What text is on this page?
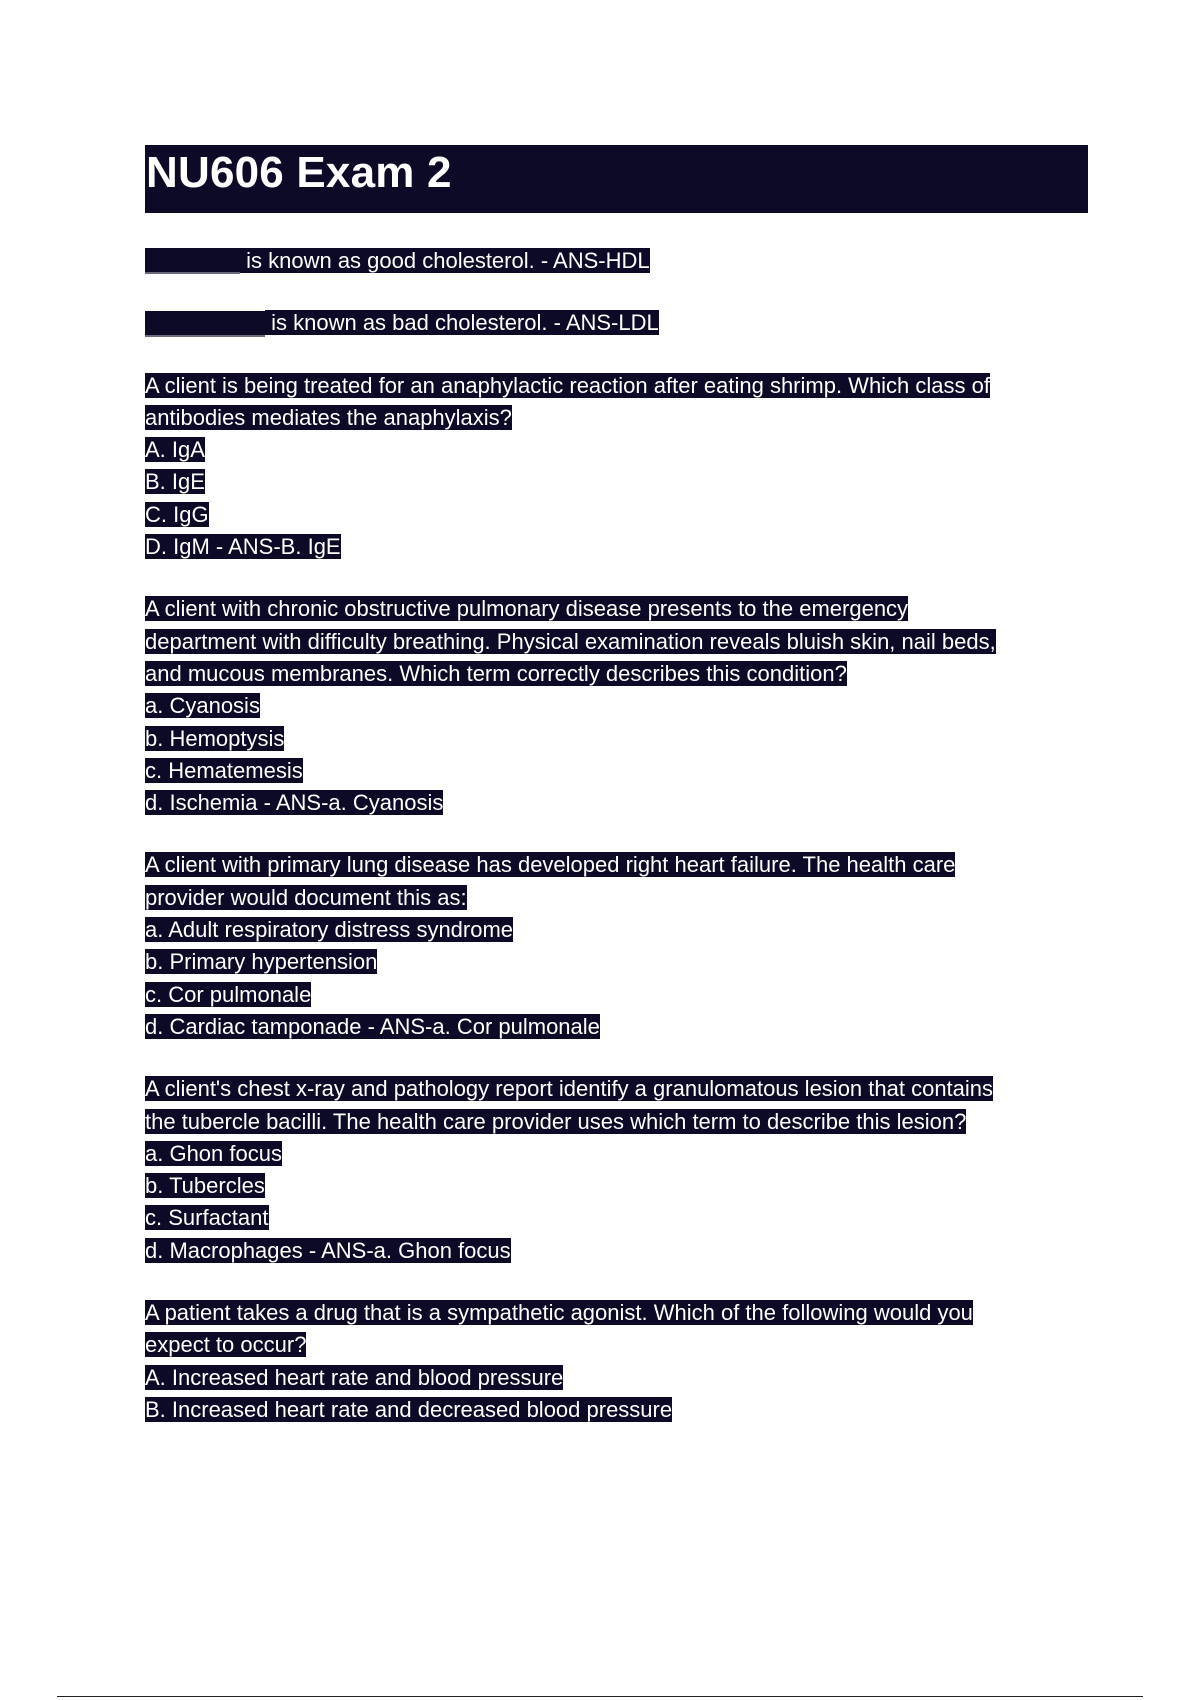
NU606 Exam 2
is known as good cholesterol. - ANS-HDL
is known as bad cholesterol. - ANS-LDL
A client is being treated for an anaphylactic reaction after eating shrimp. Which class of
antibodies mediates the anaphylaxis?
A. IgA
B. IgE
C. IgG
D. IgM - ANS-B. IgE
A client with chronic obstructive pulmonary disease presents to the emergency
department with difficulty breathing. Physical examination reveals bluish skin, nail beds,
and mucous membranes. Which term correctly describes this condition?
a. Cyanosis
b. Hemoptysis
c. Hematemesis
d. Ischemia - ANS-a. Cyanosis
A client with primary lung disease has developed right heart failure. The health care
provider would document this as:
a. Adult respiratory distress syndrome
b. Primary hypertension
c. Cor pulmonale
d. Cardiac tamponade - ANS-a. Cor pulmonale
A client's chest x-ray and pathology report identify a granulomatous lesion that contains
the tubercle bacilli. The health care provider uses which term to describe this lesion?
a. Ghon focus
b. Tubercles
c. Surfactant
d. Macrophages - ANS-a. Ghon focus
A patient takes a drug that is a sympathetic agonist. Which of the following would you
expect to occur?
A. Increased heart rate and blood pressure
B. Increased heart rate and decreased blood pressure
